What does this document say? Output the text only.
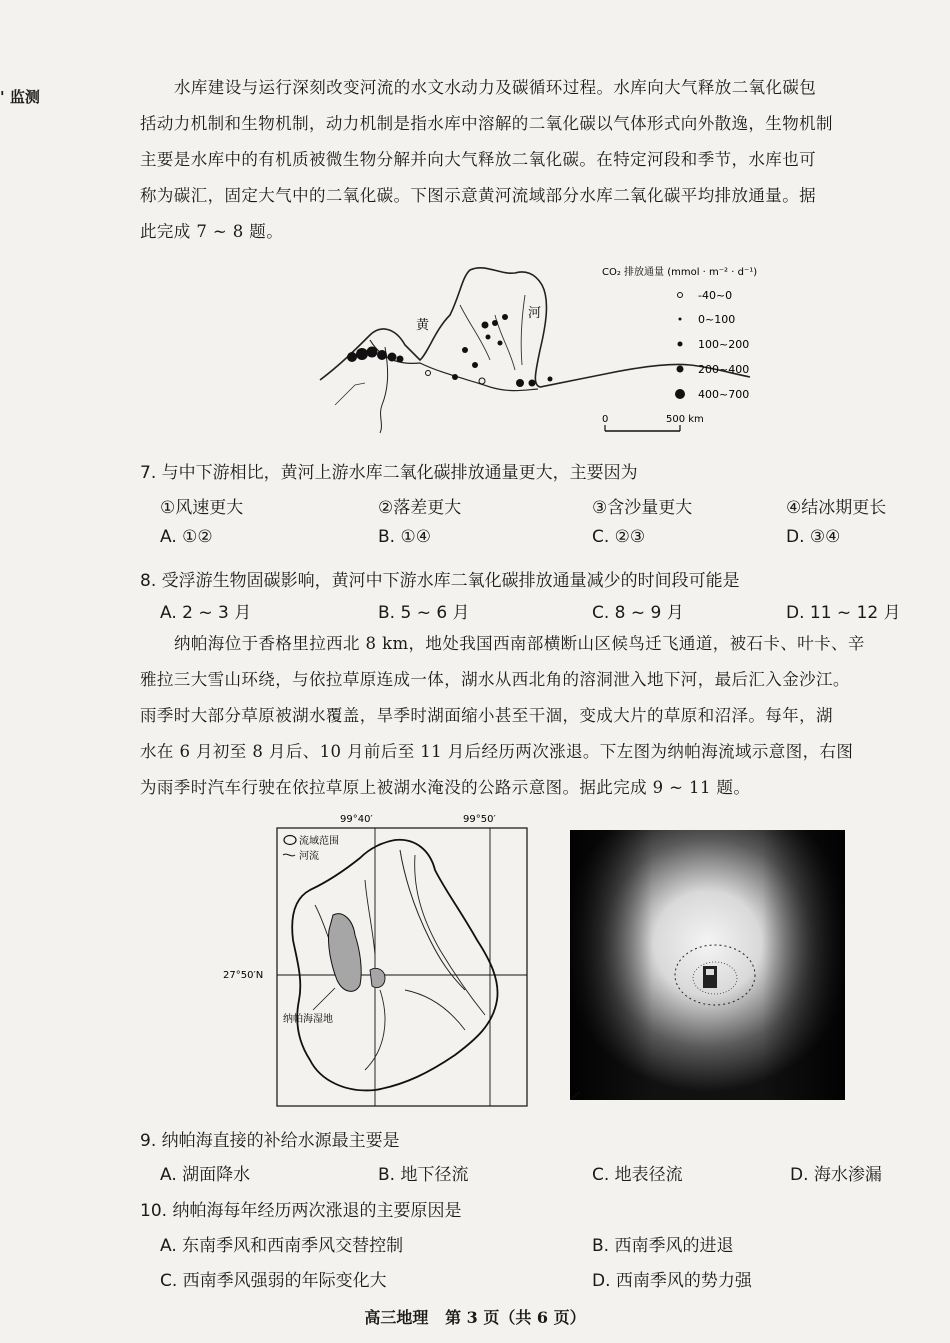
' 监测	水库建设与运行深刻改变河流的水文水动力及碳循环过程。水库向大气释放二氧化碳包
括动力机制和生物机制，动力机制是指水库中溶解的二氧化碳以气体形式向外散逸，生物机制
主要是水库中的有机质被微生物分解并向大气释放二氧化碳。在特定河段和季节，水库也可
称为碳汇，固定大气中的二氧化碳。下图示意黄河流域部分水库二氧化碳平均排放通量。据
此完成 7 ~ 8 题。
黄
河
CO₂ 排放通量 (mmol · m⁻² · d⁻¹)
-40~0
0~100
100~200
200~400
400~700
0	500 km
7. 与中下游相比，黄河上游水库二氧化碳排放通量更大，主要因为
①风速更大	②落差更大	③含沙量更大	④结冰期更长
A. ①②	B. ①④	C. ②③	D. ③④
8. 受浮游生物固碳影响，黄河中下游水库二氧化碳排放通量减少的时间段可能是
A. 2 ~ 3 月	B. 5 ~ 6 月	C. 8 ~ 9 月	D. 11 ~ 12 月
纳帕海位于香格里拉西北 8 km，地处我国西南部横断山区候鸟迁飞通道，被石卡、叶卡、辛
雅拉三大雪山环绕，与依拉草原连成一体，湖水从西北角的溶洞泄入地下河，最后汇入金沙江。
雨季时大部分草原被湖水覆盖，旱季时湖面缩小甚至干涸，变成大片的草原和沼泽。每年，湖
水在 6 月初至 8 月后、10 月前后至 11 月后经历两次涨退。下左图为纳帕海流域示意图，右图
为雨季时汽车行驶在依拉草原上被湖水淹没的公路示意图。据此完成 9 ~ 11 题。
99°40′	99°50′
27°50′N
流域范围
河流
纳帕海湿地
9. 纳帕海直接的补给水源最主要是
A. 湖面降水	B. 地下径流	C. 地表径流	D. 海水渗漏
10. 纳帕海每年经历两次涨退的主要原因是
A. 东南季风和西南季风交替控制	B. 西南季风的进退
C. 西南季风强弱的年际变化大	D. 西南季风的势力强
高三地理   第 3 页（共 6 页）
